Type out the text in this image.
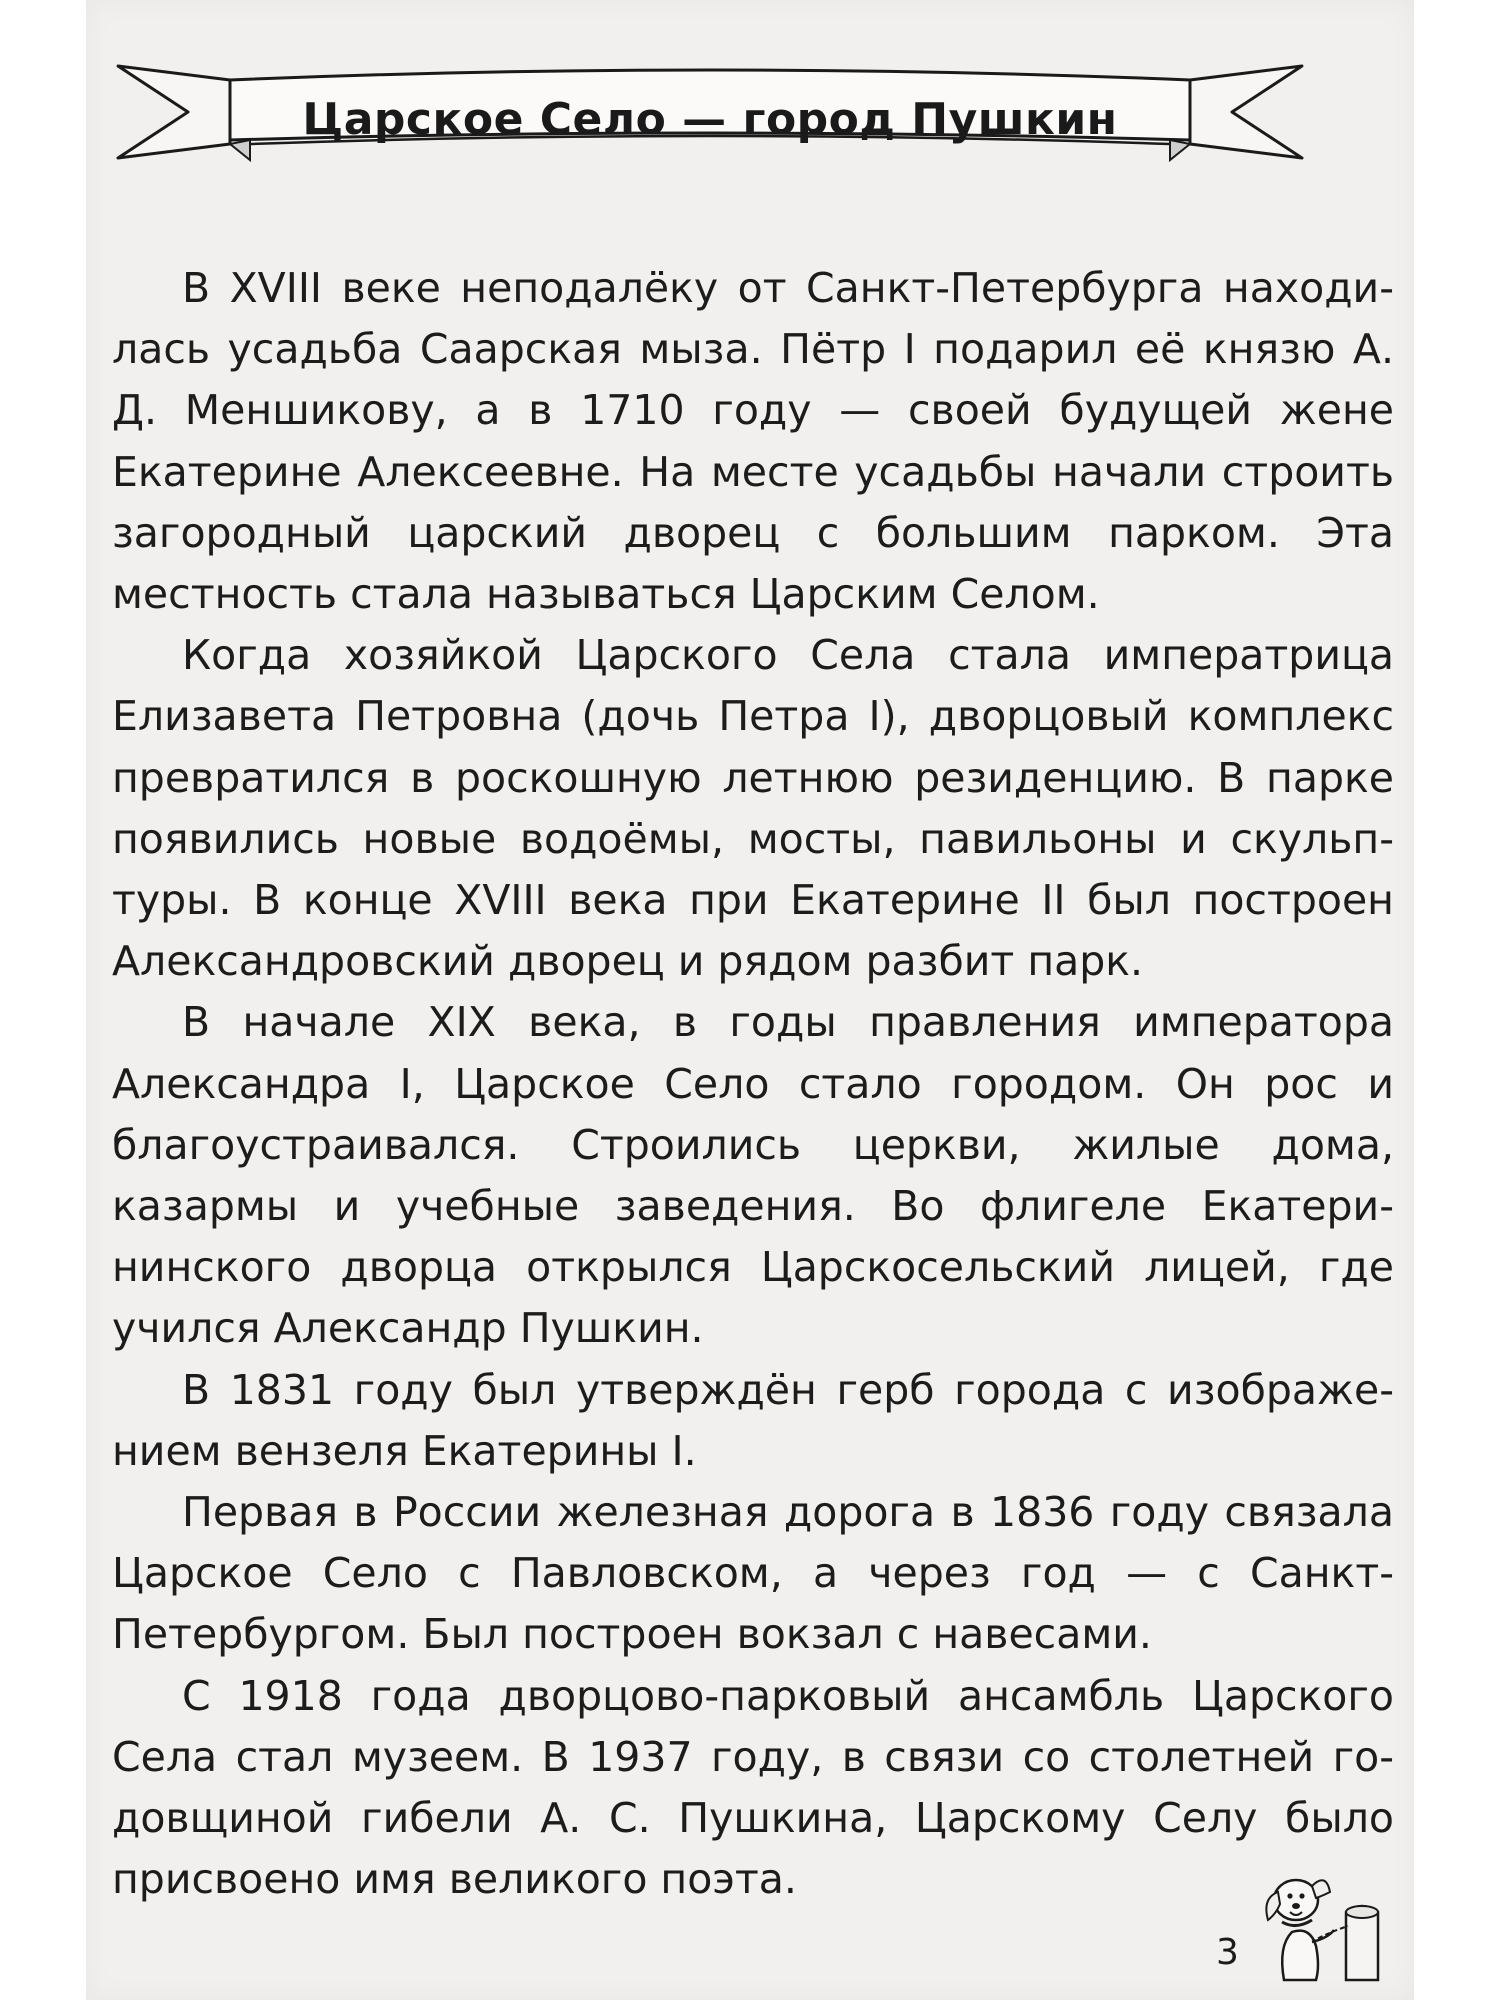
Царское Село — город Пушкин

В XVIII веке неподалёку от Санкт-Петербурга находилась усадьба Саарская мыза. Пётр I подарил её князю А. Д. Меншикову, а в 1710 году — своей будущей жене Екатерине Алексеевне. На месте усадьбы начали строить загородный царский дворец с большим парком. Эта местность стала называться Царским Селом.

Когда хозяйкой Царского Села стала императрица Елизавета Петровна (дочь Петра I), дворцовый комплекс превратился в роскошную летнюю резиденцию. В парке появились новые водоёмы, мосты, павильоны и скульптуры. В конце XVIII века при Екатерине II был построен Александровский дворец и рядом разбит парк.

В начале XIX века, в годы правления императора Александра I, Царское Село стало городом. Он рос и благоустраивался. Строились церкви, жилые дома, казармы и учебные заведения. Во флигеле Екатерининского дворца открылся Царскосельский лицей, где учился Александр Пушкин.

В 1831 году был утверждён герб города с изображением вензеля Екатерины I.

Первая в России железная дорога в 1836 году связала Царское Село с Павловском, а через год — с Санкт-Петербургом. Был построен вокзал с навесами.

С 1918 года дворцово-парковый ансамбль Царского Села стал музеем. В 1937 году, в связи со столетней годовщиной гибели А. С. Пушкина, Царскому Селу было присвоено имя великого поэта.

3
